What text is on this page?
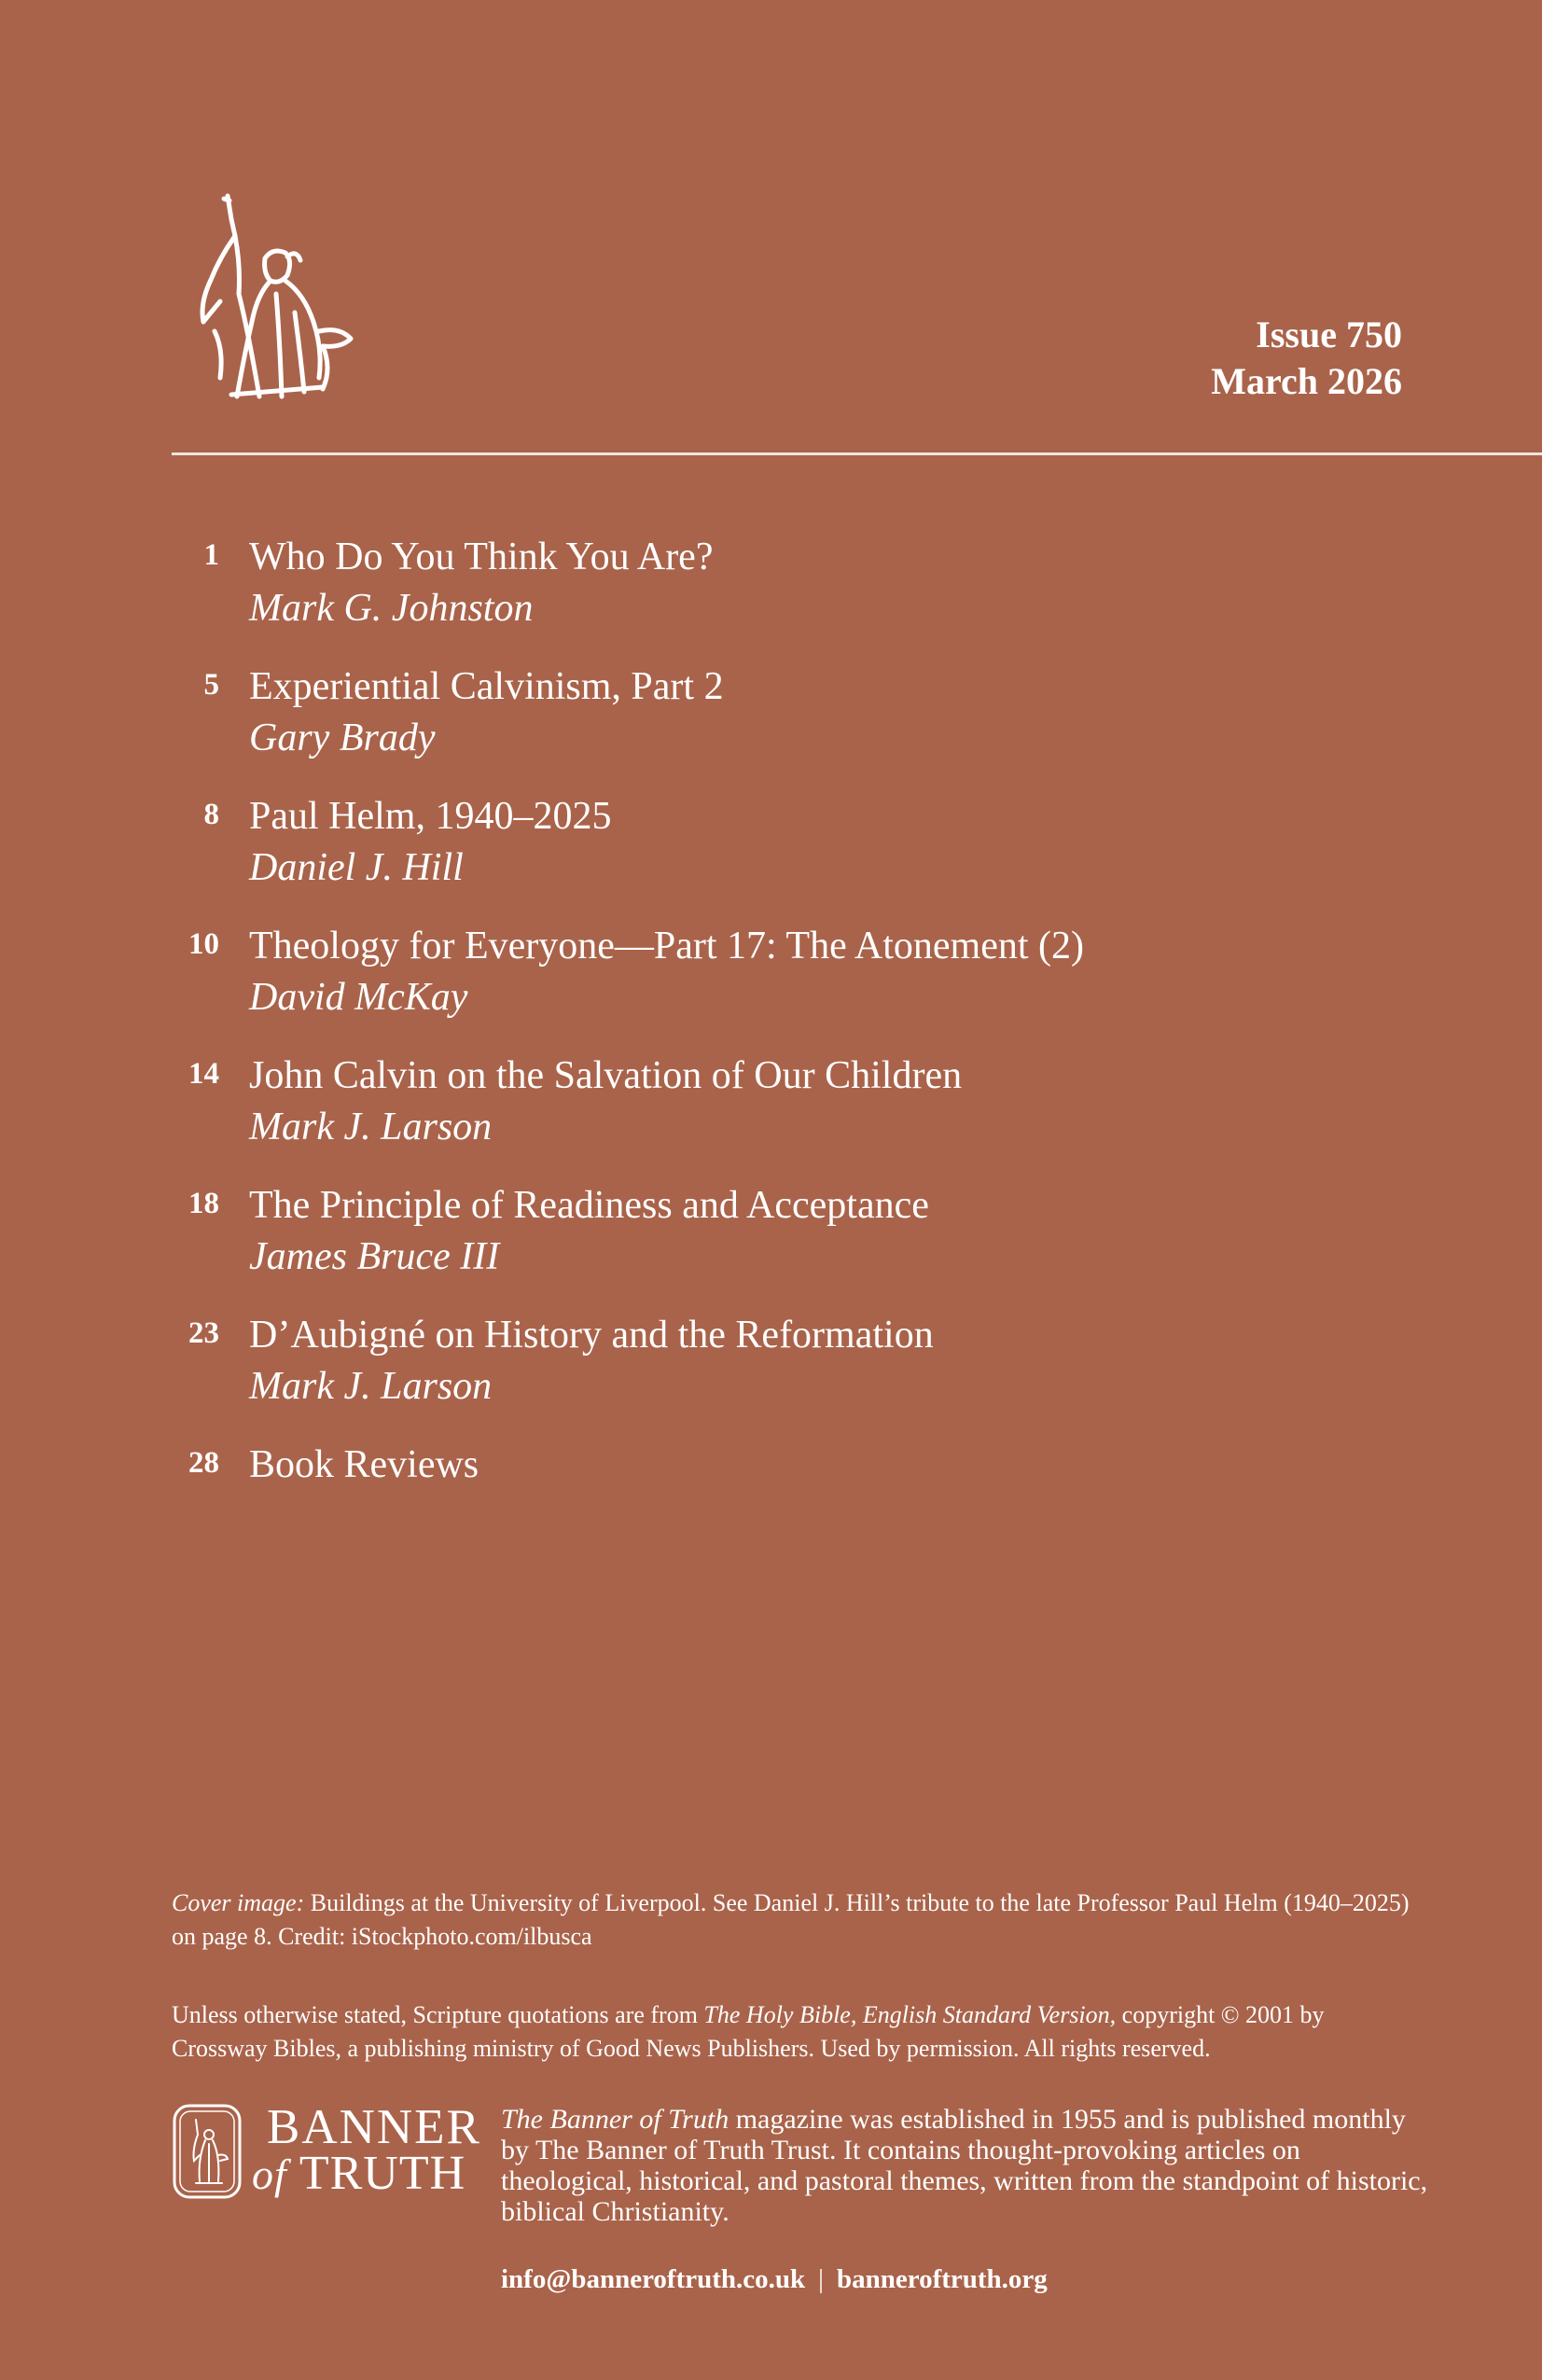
Issue 750
March 2026
1 Who Do You Think You Are?
Mark G. Johnston
5 Experiential Calvinism, Part 2
Gary Brady
8 Paul Helm, 1940–2025
Daniel J. Hill
10 Theology for Everyone—Part 17: The Atonement (2)
David McKay
14 John Calvin on the Salvation of Our Children
Mark J. Larson
18 The Principle of Readiness and Acceptance
James Bruce III
23 D’Aubigné on History and the Reformation
Mark J. Larson
28 Book Reviews
Cover image: Buildings at the University of Liverpool. See Daniel J. Hill’s tribute to the late Professor Paul Helm (1940–2025) on page 8. Credit: iStockphoto.com/ilbusca
Unless otherwise stated, Scripture quotations are from The Holy Bible, English Standard Version, copyright © 2001 by Crossway Bibles, a publishing ministry of Good News Publishers. Used by permission. All rights reserved.
BANNER
of TRUTH
The Banner of Truth magazine was established in 1955 and is published monthly by The Banner of Truth Trust. It contains thought-provoking articles on theological, historical, and pastoral themes, written from the standpoint of historic, biblical Christianity.
info@banneroftruth.co.uk | banneroftruth.org
